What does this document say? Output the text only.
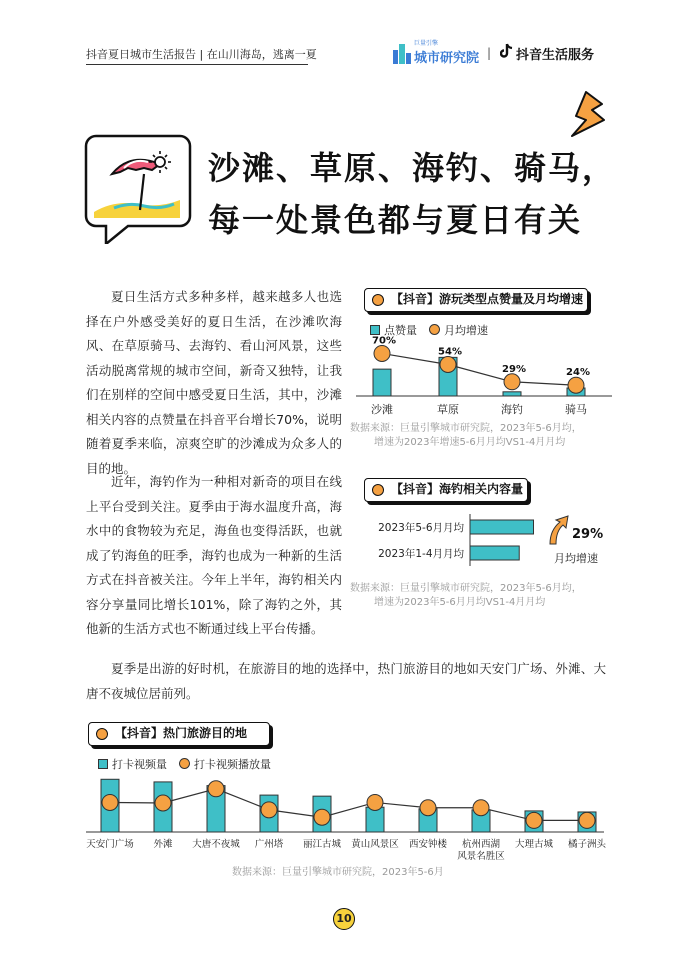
抖音夏日城市生活报告 | 在山川海岛，逃离一夏
巨量引擎
城市研究院 | 抖音生活服务
沙滩、草原、海钓、骑马，
每一处景色都与夏日有关
夏日生活方式多种多样，越来越多人也选择在户外感受美好的夏日生活，在沙滩吹海风、在草原骑马、去海钓、看山河风景，这些活动脱离常规的城市空间，新奇又独特，让我们在别样的空间中感受夏日生活，其中，沙滩相关内容的点赞量在抖音平台增长70%，说明随着夏季来临，凉爽空旷的沙滩成为众多人的目的地。
近年，海钓作为一种相对新奇的项目在线上平台受到关注。夏季由于海水温度升高，海水中的食物较为充足，海鱼也变得活跃，也就成了钓海鱼的旺季，海钓也成为一种新的生活方式在抖音被关注。今年上半年，海钓相关内容分享量同比增长101%，除了海钓之外，其他新的生活方式也不断通过线上平台传播。
夏季是出游的好时机，在旅游目的地的选择中，热门旅游目的地如天安门广场、外滩、大唐不夜城位居前列。
【抖音】游玩类型点赞量及月均增速
点赞量 月均增速
70%
54%
29%	24%
沙滩	草原	海钓	骑马
数据来源：巨量引擎城市研究院，2023年5-6月均，
增速为2023年增速5-6月月均VS1-4月月均
【抖音】海钓相关内容量
2023年5-6月月均
2023年1-4月月均
29%
月均增速
数据来源：巨量引擎城市研究院，2023年5-6月均，
增速为2023年5-6月月均VS1-4月月均
【抖音】热门旅游目的地
打卡视频量 打卡视频播放量
天安门广场 外滩 大唐不夜城 广州塔 丽江古城 黄山风景区 西安钟楼 杭州西湖
风景名胜区
大理古城 橘子洲头
数据来源：巨量引擎城市研究院，2023年5-6月
10
